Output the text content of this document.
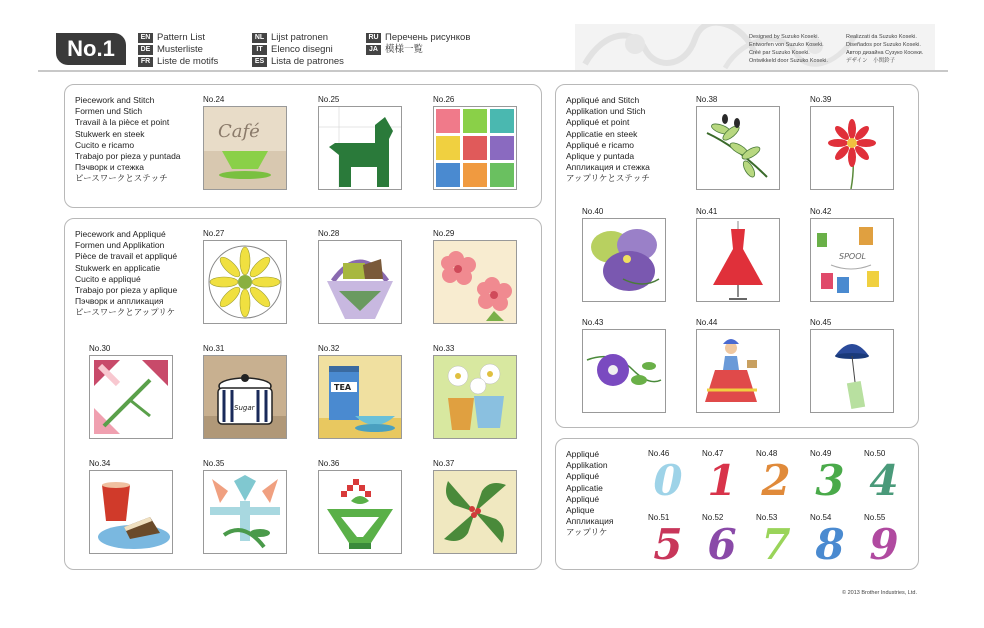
No.1	EN Pattern List
DE Musterliste
FR Liste de motifs
NL Lijst patronen
IT Elenco disegni
ES Lista de patrones
RU Перечень рисунков
JA 模様一覧
Designed by Suzuko Koseki.
Entworfen von Suzuko Koseki.
Créé par Suzuko Koseki.
Ontwikkeld door Suzuko Koseki.
Realizzati da Suzuko Koseki.
Diseñados por Suzuko Koseki.
Автор дизайна Сузуко Косеки.
デザイン　小関鈴子
Piecework and Stitch
Formen und Stich
Travail à la pièce et point
Stukwerk en steek
Cucito e ricamo
Trabajo por pieza y puntada
Пэчворк и стежка
ピースワークとステッチ
No.24
Café
No.25	No.26
Piecework and Appliqué
Formen und Applikation
Pièce de travail et appliqué
Stukwerk en applicatie
Cucito e appliqué
Trabajo por pieza y aplique
Пэчворк и аппликация
ピースワークとアップリケ
No.27	No.28	No.29
No.30	No.31
Sugar
No.32
TEA
No.33
No.34	No.35	No.36	No.37
Appliqué and Stitch
Applikation und Stich
Appliqué et point
Applicatie en steek
Appliqué e ricamo
Aplique y puntada
Аппликация и стежка
アップリケとステッチ
No.38	No.39
No.40	No.41	No.42
SPOOL
No.43	No.44	No.45
Appliqué
Applikation
Appliqué
Applicatie
Appliqué
Aplique
Аппликация
アップリケ
No.46
0
No.47
1
No.48
2
No.49
3
No.50
4
No.51
5
No.52
6
No.53
7
No.54
8
No.55
9
© 2013 Brother Industries, Ltd.
